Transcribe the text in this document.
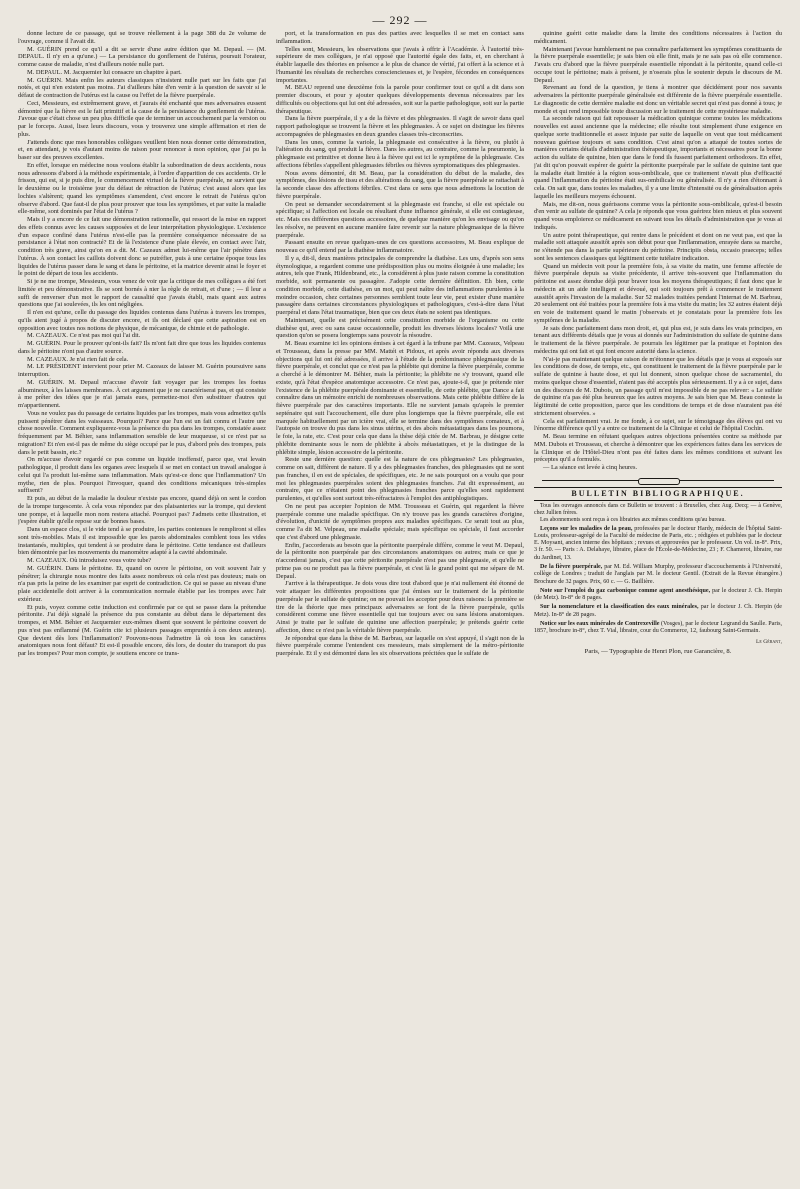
— 292 —

donne lecture de ce passage, qui se trouve réellement à la page 388 du 2e volume de l'ouvrage, comme il l'avait dit.

M. GUÉRIN prend ce qu'il a dit se servir d'une autre édition que M. Depaul. — (M. DEPAUL. Il n'y en a qu'une.) — La persistance du gonflement de l'utérus, poursuit l'orateur, comme cause de maladie, n'est d'ailleurs notée nulle part.

M. DEPAUL. M. Jacquemier lui consacre un chapitre à part.

M. GUÉRIN. Mais enfin les auteurs classiques n'insistent nulle part sur les faits que j'ai notés, et qui n'en existent pas moins. J'ai d'ailleurs hâte d'en venir à la question de savoir si le défaut de contraction de l'utérus est la cause ou l'effet de la fièvre puerpérale.

Ceci, Messieurs, est extrêmement grave, et j'aurais été enchanté que mes adversaires eussent démontré que la fièvre est le fait primitif et la cause de la persistance du gonflement de l'utérus. J'avoue que c'était chose un peu plus difficile que de terminer un accouchement par la version ou par le forceps. Aussi, lisez leurs discours, vous y trouverez une simple affirmation et rien de plus.

J'attends donc que mes honorables collègues veuillent bien nous donner cette démonstration, et, en attendant, je vois d'autant moins de raison pour renoncer à mon opinion, que j'ai pu la baser sur des preuves excellentes.

En effet, lorsque en médecine nous voulons établir la subordination de deux accidents, nous nous adressons d'abord à la méthode expérimentale, à l'ordre d'apparition de ces accidents. Or le frisson, qui est, si je puis dire, le commencement virtuel de la fièvre puerpérale, ne survient que le deuxième ou le troisième jour du défaut de rétraction de l'utérus; c'est aussi alors que les lochies s'altèrent; quand les symptômes s'amendent, c'est encore le retrait de l'utérus qu'on observe d'abord. Que faut-il de plus pour prouver que tous les symptômes, et par suite la maladie elle-même, sont dominés par l'état de l'utérus ?

Mais il y a encore de ce fait une démonstration rationnelle, qui ressort de la mise en rapport des effets connus avec les causes supposées et de leur interprétation physiologique. L'existence d'un espace confiné dans l'utérus n'est-elle pas la première conséquence nécessaire de sa persistance à l'état non contracté? Et de là l'existence d'une plaie élevée, en contact avec l'air, condition très grave, ainsi qu'on en a dit. M. Cazeaux admet lui-même que l'air pénètre dans l'utérus. À son contact les caillots doivent donc se putréfier, puis à une certaine époque tous les liquides de l'utérus passer dans le sang et dans le péritoine, et la matrice devenir ainsi le foyer et le point de départ de tous les accidents.

Si je ne me trompe, Messieurs, vous venez de voir que la critique de mes collègues a été fort limitée et peu démonstrative. Ils se sont bornés à nier la règle de retrait, et d'une ; — il leur a suffi de renverser d'un mot le rapport de causalité que j'avais établi, mais quant aux autres questions que j'ai soulevées, ils les ont négligées.

Il n'en est qu'une, celle du passage des liquides contenus dans l'utérus à travers les trompes, qu'ils aient jugé à propos de discuter encore, et ils ont déclaré que cette aspiration est en opposition avec toutes nos notions de physique, de mécanique, de chimie et de pathologie.

M. CAZEAUX. Ce n'est pas moi qui l'ai dit.

M. GUÉRIN. Pour le prouver qu'ont-ils fait? Ils m'ont fait dire que tous les liquides contenus dans le péritoine n'ont pas d'autre source.

M. CAZEAUX. Je n'ai rien fait de cela.

M. LE PRÉSIDENT intervient pour prier M. Cazeaux de laisser M. Guérin poursuivre sans interruption.

M. GUÉRIN. M. Depaul m'accuse d'avoir fait voyager par les trompes les foetus albumineux, à les laisses membranes. À cet argument que je ne caractériserai pas, et qui consiste à me prêter des idées que je n'ai jamais eues, permettez-moi d'en substituer d'autres qui m'appartiennent.

Vous ne voulez pas du passage de certains liquides par les trompes, mais vous admettez qu'ils puissent pénétrer dans les vaisseaux. Pourquoi? Parce que l'un est un fait connu et l'autre une chose nouvelle. Comment expliquerez-vous la présence du pus dans les trompes, constatée assez fréquemment par M. Béhier, sans inflammation sensible de leur muqueuse, si ce n'est par sa migration? Et n'en est-il pas de même du siège occupé par le pus, d'abord près des trompes, puis dans le petit bassin, etc.?

On m'accuse d'avoir regardé ce pus comme un liquide inoffensif, parce que, vrai levain pathologique, il produit dans les organes avec lesquels il se met en contact un travail analogue à celui qui l'a produit lui-même sans inflammation. Mais qu'est-ce donc que l'inflammation? Un mythe, rien de plus. Pourquoi l'invoquer, quand des conditions mécaniques très-simples suffisent?

Et puis, au début de la maladie la douleur n'existe pas encore, quand déjà on sent le cordon de la trompe turgescente. À cela vous répondez par des plaisanteries sur la trompe, qui devient une pompe, et à laquelle mon nom restera attaché. Pourquoi pas? J'admets cette illustration, et j'espère établir qu'elle repose sur de bonnes bases.

Dans un espace clos, si le vide tend à se produire, les parties contenues le rempliront si elles sont très-mobiles. Mais il est impossible que les parois abdominales comblent tous les vides instantanés, multiples, qui tendent à se produire dans le péritoine. Cette tendance est d'ailleurs bien démontrée par les mouvements du manomètre adapté à la cavité abdominale.

M. CAZEAUX. Où introduisez vous votre tube?

M. GUÉRIN. Dans le péritoine. Et, quand on ouvre le péritoine, on voit souvent l'air y pénétrer; la chirurgie nous montre des faits assez nombreux où cela n'est pas douteux; mais on n'a pas pris la peine de les examiner par esprit de contradiction. Ce qui se passe au niveau d'une plaie accidentelle doit arriver à la communication normale établie par les trompes avec l'air extérieur.

Et puis, voyez comme cette induction est confirmée par ce qui se passe dans la prétendue péritonite. J'ai déjà signalé la présence du pus constante au début dans le département des trompes, et MM. Béhier et Jacquemier eux-mêmes disent que souvent le péritoine couvert de pus n'est pas enflammé (M. Guérin cite ici plusieurs passages empruntés à ces deux auteurs). Que devient dès lors l'inflammation? Pouvons-nous l'admettre là où tous les caractères anatomiques nous font défaut? Et est-il possible encore, dès lors, de douter du transport du pus par les trompes? Pour mon compte, je soutiens encore ce trans-

port, et la transformation en pus des parties avec lesquelles il se met en contact sans inflammation.

Telles sont, Messieurs, les observations que j'avais à offrir à l'Académie. À l'autorité très-supérieure de mes collègues, je n'ai opposé que l'autorité égale des faits, et, en cherchant à établir laquelle des théories en présence a le plus de chance de vérité, j'ai offert à la science et à l'humanité les résultats de recherches consciencieuses et, je l'espère, fécondes en conséquences importantes.

M. BEAU reprend une deuxième fois la parole pour confirmer tout ce qu'il a dit dans son premier discours, et pour y ajouter quelques développements devenus nécessaires par les difficultés ou objections qui lui ont été adressées, soit sur la partie pathologique, soit sur la partie thérapeutique.

Dans la fièvre puerpérale, il y a de la fièvre et des phlegmasies. Il s'agit de savoir dans quel rapport pathologique se trouvent la fièvre et les phlegmasies. À ce sujet on distingue les fièvres accompagnées de phlegmasies en deux grandes classes très-circonscrites.

Dans les unes, comme la variole, la phlegmasie est consécutive à la fièvre, ou plutôt à l'altération du sang, qui produit la fièvre. Dans les autres, au contraire, comme la pneumonie, la phlegmasie est primitive et donne lieu à la fièvre qui est ici le symptôme de la phlegmasie. Ces affections fébriles s'appellent phlegmasies fébriles ou fièvres symptomatiques des phlegmasies.

Nous avons démontré, dit M. Beau, par la considération du début de la maladie, des symptômes, des lésions de tissu et des altérations du sang, que la fièvre puerpérale se rattachait à la seconde classe des affections fébriles. C'est dans ce sens que nous admettons la locution de fièvre puerpérale.

On peut se demander secondairement si la phlegmasie est franche, si elle est spéciale ou spécifique; si l'affection est locale ou résultant d'une influence générale, si elle est contagieuse, etc. Mais ces différentes questions accessoires, de quelque manière qu'on les envisage ou qu'on les résolve, ne peuvent en aucune manière faire revenir sur la nature phlegmasique de la fièvre puerpérale.

Passant ensuite en revue quelques-unes de ces questions accessoires, M. Beau explique de nouveau ce qu'il entend par la diathèse inflammatoire.

Il y a, dit-il, deux manières principales de comprendre la diathèse. Les uns, d'après son sens étymologique, a regardent comme une prédisposition plus ou moins éloignée à une maladie; les autres, tels que Frank, Hildenbrand, etc., la considèrent à plus juste raison comme la constitution morbide, soit permanente ou passagère. J'adopte cette dernière définition. Eh bien, cette condition morbide, cette diathèse, en un mot, qui peut naître des inflammations purulentes à la moindre occasion, chez certaines personnes semblent toute leur vie, peut exister d'une manière passagère dans certaines circonstances physiologiques et pathologiques, c'est-à-dire dans l'état puerpéral et dans l'état traumatique, bien que ces deux états ne soient pas identiques.

Maintenant, quelle est précisément cette constitution morbide de l'organisme ou cette diathèse qui, avec ou sans cause occasionnelle, produit les diverses lésions locales? Voilà une question qu'on se posera longtemps sans pouvoir la résoudre.

M. Beau examine ici les opinions émises à cet égard à la tribune par MM. Cazeaux, Velpeau et Trousseau, dans la presse par MM. Mattéi et Pidoux, et après avoir répondu aux diverses objections qui lui ont été adressées, il arrive à l'étude de la prédominance phlegmasique de la fièvre puerpérale, et conclut que ce n'est pas la phlébite qui domine la fièvre puerpérale, comme a cherché à le démontrer M. Béhier, mais la péritonite; la phlébite ne s'y trouvant, quand elle existe, qu'à l'état d'espèce anatomique accessoire. Ce n'est pas, ajoute-t-il, que je prétende nier l'existence de la phlébite puerpérale dominante et essentielle, de cette phlébite, que Dance a fait connaître dans un mémoire enrichi de nombreuses observations. Mais cette phlébite diffère de la fièvre puerpérale par des caractères importants. Elle ne survient jamais qu'après le premier septénaire qui suit l'accouchement, elle dure plus longtemps que la fièvre puerpérale, elle est marquée habituellement par un ictère vrai, elle se termine dans des symptômes comateux, et à l'autopsie on trouve du pus dans les sinus utérins, et des abcès métastatiques dans les poumons, le foie, la rate, etc. C'est pour cela que dans la thèse déjà citée de M. Barbrau, je désigne cette phlébite dominante sous le nom de phlébite à abcès métastatiques, et je la distingue de la phlébite simple, lésion accessoire de la péritonite.

Reste une dernière question: quelle est la nature de ces phlegmasies? Les phlegmasies, comme on sait, diffèrent de nature. Il y a des phlegmasies franches, des phlegmasies qui ne sont pas franches, il en est de spéciales, de spécifiques, etc. Je ne sais pourquoi on a voulu que pour moi les phlegmasies puerpérales soient des phlegmasies franches. J'ai dit expressément, au contraire, que ce n'étaient point des phlegmasies franches parce qu'elles sont rapidement purulentes, et qu'elles sont surtout très-réfractaires à l'emploi des antiphlogistiques.

On ne peut pas accepter l'opinion de MM. Trousseau et Guérin, qui regardent la fièvre puerpérale comme une maladie spécifique. On n'y trouve pas les grands caractères d'origine, d'évolution, d'unicité de symptômes propres aux maladies spécifiques. Ce serait tout au plus, comme l'a dit M. Velpeau, une maladie spéciale; mais spécifique ou spéciale, il faut accorder que c'est d'abord une phlegmasie.

Enfin, j'accorderais au besoin que la péritonite puerpérale diffère, comme le veut M. Depaul, de la péritonite non puerpérale par des circonstances anatomiques ou autres; mais ce que je n'accorderai jamais, c'est que cette péritonite puerpérale n'est pas une phlegmasie, et qu'elle ne prime pas ou ne produit pas la fièvre puerpérale, et c'est là le grand point qui me sépare de M. Depaul.

J'arrive à la thérapeutique. Je dois vous dire tout d'abord que je n'ai nullement été étonné de voir attaquer les différentes propositions que j'ai émises sur le traitement de la péritonite puerpérale par le sulfate de quinine; on ne pouvait les accepter pour deux raisons: la première se tire de la théorie que mes principaux adversaires se font de la fièvre puerpérale, qu'ils considèrent comme une fièvre essentielle qui tue toujours avec ou sans lésions anatomiques. Ainsi je traite par le sulfate de quinine une affection puerpérale; je prétends guérir cette affection, donc ce n'est pas la véritable fièvre puerpérale.

Je répondrai que dans la thèse de M. Barbrau, sur laquelle on s'est appuyé, il s'agit non de la fièvre puerpérale comme l'entendent ces messieurs, mais simplement de la métro-péritonite puerpérale. Et il y est démontré dans les six observations précitées que le sulfate de

quinine guérit cette maladie dans la limite des conditions nécessaires à l'action du médicament.

Maintenant j'avoue humblement ne pas connaître parfaitement les symptômes constituants de la fièvre puerpérale essentielle; je sais bien où elle finit, mais je ne sais pas où elle commence. J'avais cru d'abord que la fièvre puerpérale essentielle répondait à la péritonite, quand celle-ci occupe tout le péritoine; mais à présent, je n'oserais plus le soutenir depuis le discours de M. Depaul.

Revenant au fond de la question, je tiens à montrer que décidément pour nos savants adversaires la péritonite puerpérale généralisée est différente de la fièvre puerpérale essentielle. Le diagnostic de cette dernière maladie est donc un véritable secret qui n'est pas donné à tous; je monde et qui rend impossible toute discussion sur le traitement de cette mystérieuse maladie.

La seconde raison qui fait repousser la médication quinique comme toutes les médications nouvelles est aussi ancienne que la médecine; elle résulte tout simplement d'une exigence en quelque sorte traditionnelle et assez injuste par suite de laquelle on veut que tout médicament nouveau guérisse toujours et sans condition. C'est ainsi qu'on a attaqué de toutes sortes de manières certains détails d'administration thérapeutique, importants et nécessaires pour la bonne action du sulfate de quinine, bien que dans le fond ils fussent parfaitement orthodoxes. En effet, j'ai dit qu'on pouvait espérer de guérir la péritonite puerpérale par le sulfate de quinine tant que la maladie était limitée à la région sous-ombilicale, que ce traitement n'avait plus d'efficacité quand l'inflammation du péritoine était sus-ombilicale ou généralisée. Il n'y a rien d'étonnant à cela. On sait que, dans toutes les maladies, il y a une limite d'intensité ou de généralisation après laquelle les meilleurs moyens échouent.

Mais, me dit-on, nous guérissons comme vous la péritonite sous-ombilicale, qu'est-il besoin d'en venir au sulfate de quinine? A cela je réponds que vous guérirez bien mieux et plus souvent quand vous emploierez ce médicament en suivant tous les détails d'administration que je vous ai indiqués.

Un autre point thérapeutique, qui rentre dans le précédent et dont on ne veut pas, est que la maladie soit attaquée aussitôt après son début pour que l'inflammation, enrayée dans sa marche, ne s'étende pas dans la partie supérieure du péritoine. Principiis obsta, occasio praeceps; telles sont les sentences classiques qui légitiment cette tutélaire indication.

Quand un médecin voit pour la première fois, à sa visite du matin, une femme affectée de fièvre puerpérale depuis sa visite précédente, il arrive très-souvent que l'inflammation du péritoine est assez étendue déjà pour braver tous les moyens thérapeutiques; il faut donc que le médecin ait un aide intelligent et dévoué, qui soit toujours prêt à commencer le traitement aussitôt après l'invasion de la maladie. Sur 52 malades traitées pendant l'internat de M. Barbrau, 20 seulement ont été traitées pour la première fois à ma visite du matin; les 32 autres étaient déjà en voie de traitement quand le matin j'observais et je constatais pour la première fois les symptômes de la maladie.

Je sais donc parfaitement dans mon droit, et, qui plus est, je suis dans les vrais principes, en tenant aux différents détails que je vous ai donnés sur l'administration du sulfate de quinine dans le traitement de la fièvre puerpérale. Je pourrais les légitimer par la pratique et l'opinion des médecins qui ont fait et qui font encore autorité dans la science.

N'ai-je pas maintenant quelque raison de m'étonner que les détails que je vous ai exposés sur les conditions de dose, de temps, etc., qui constituent le traitement de la fièvre puerpérale par le sulfate de quinine à haute dose, et qui lui donnent, sinon quelque chose de sacramentel, du moins quelque chose d'essentiel, n'aient pas été acceptés plus sérieusement. Il y a à ce sujet, dans un des discours de M. Dubois, un passage qu'il m'est impossible de ne pas relever: « Le sulfate de quinine n'a pas été plus heureux que les autres moyens. Je sais bien que M. Beau conteste la légitimité de cette proposition, parce que les conditions de temps et de dose n'auraient pas été strictement observées. »

Cela est parfaitement vrai. Je me fonde, à ce sujet, sur le témoignage des élèves qui ont vu l'énorme différence qu'il y a entre ce traitement de la Clinique et celui de l'hôpital Cochin.

M. Beau termine en réfutant quelques autres objections présentées contre sa méthode par MM. Dubois et Trousseau, et cherche à démontrer que les expériences faites dans les services de la Clinique et de l'Hôtel-Dieu n'ont pas été faites dans les mêmes conditions et suivant les préceptes qu'il a formulés.

— La séance est levée à cinq heures.

BULLETIN BIBLIOGRAPHIQUE.
Tous les ouvrages annoncés dans ce Bulletin se trouvent : à Bruxelles, chez Aug. Decq; — à Genève, chez Jullien frères.
Les abonnements sont reçus à ces librairies aux mêmes conditions qu'au bureau.
Leçons sur les maladies de la peau, professées par le docteur Hardy, médecin de l'hôpital Saint-Louis, professeur-agrégé de la Faculté de médecine de Paris, etc. ; rédigées et publiées par le docteur E. Moysant, ancien interne des hôpitaux ; revues et approuvées par le professeur. Un vol. in-8°. Prix, 3 fr. 50. — Paris : A. Delahaye, libraire, place de l'École-de-Médecine, 23 ; F. Chamerot, libraire, rue du Jardinet, 13.
De la fièvre puerpérale, par M. Ed. William Murphy, professeur d'accouchements à l'Université, collège de Londres ; traduit de l'anglais par M. le docteur Gentil. (Extrait de la Revue étrangère.) Brochure de 32 pages. Prix, 60 c. — G. Baillière.
Note sur l'emploi du gaz carbonique comme agent anesthésique, par le docteur J. Ch. Herpin (de Metz). In-8° de 8 pages.
Sur la nomenclature et la classification des eaux minérales, par le docteur J. Ch. Herpin (de Metz). In-8° de 28 pages.
Notice sur les eaux minérales de Contrexeville (Vosges), par le docteur Legrand du Saulle. Paris, 1857, brochure in-8°, chez T. Vial, libraire, cour du Commerce, 12, faubourg Saint-Germain.
Le Gérant,
Paris, — Typographie de Henri Plon, rue Garancière, 8.
